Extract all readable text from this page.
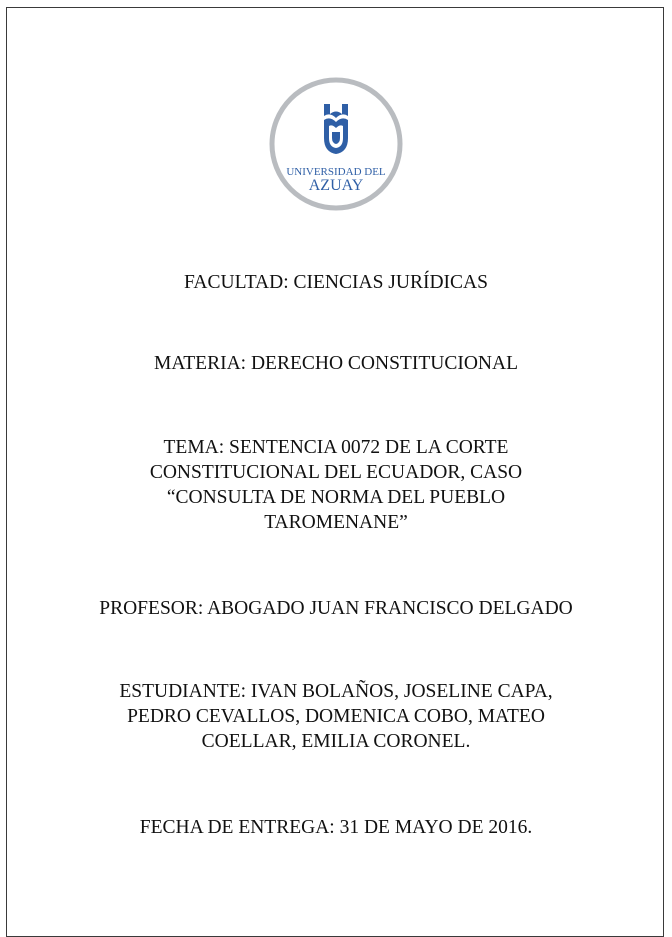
UNIVERSIDAD DEL
AZUAY
FACULTAD: CIENCIAS JURÍDICAS
MATERIA: DERECHO CONSTITUCIONAL
TEMA: SENTENCIA 0072 DE LA CORTE
CONSTITUCIONAL DEL ECUADOR, CASO
“CONSULTA DE NORMA DEL PUEBLO
TAROMENANE”
PROFESOR: ABOGADO JUAN FRANCISCO DELGADO
ESTUDIANTE: IVAN BOLAÑOS, JOSELINE CAPA,
PEDRO CEVALLOS, DOMENICA COBO, MATEO
COELLAR, EMILIA CORONEL.
FECHA DE ENTREGA: 31 DE MAYO DE 2016.
